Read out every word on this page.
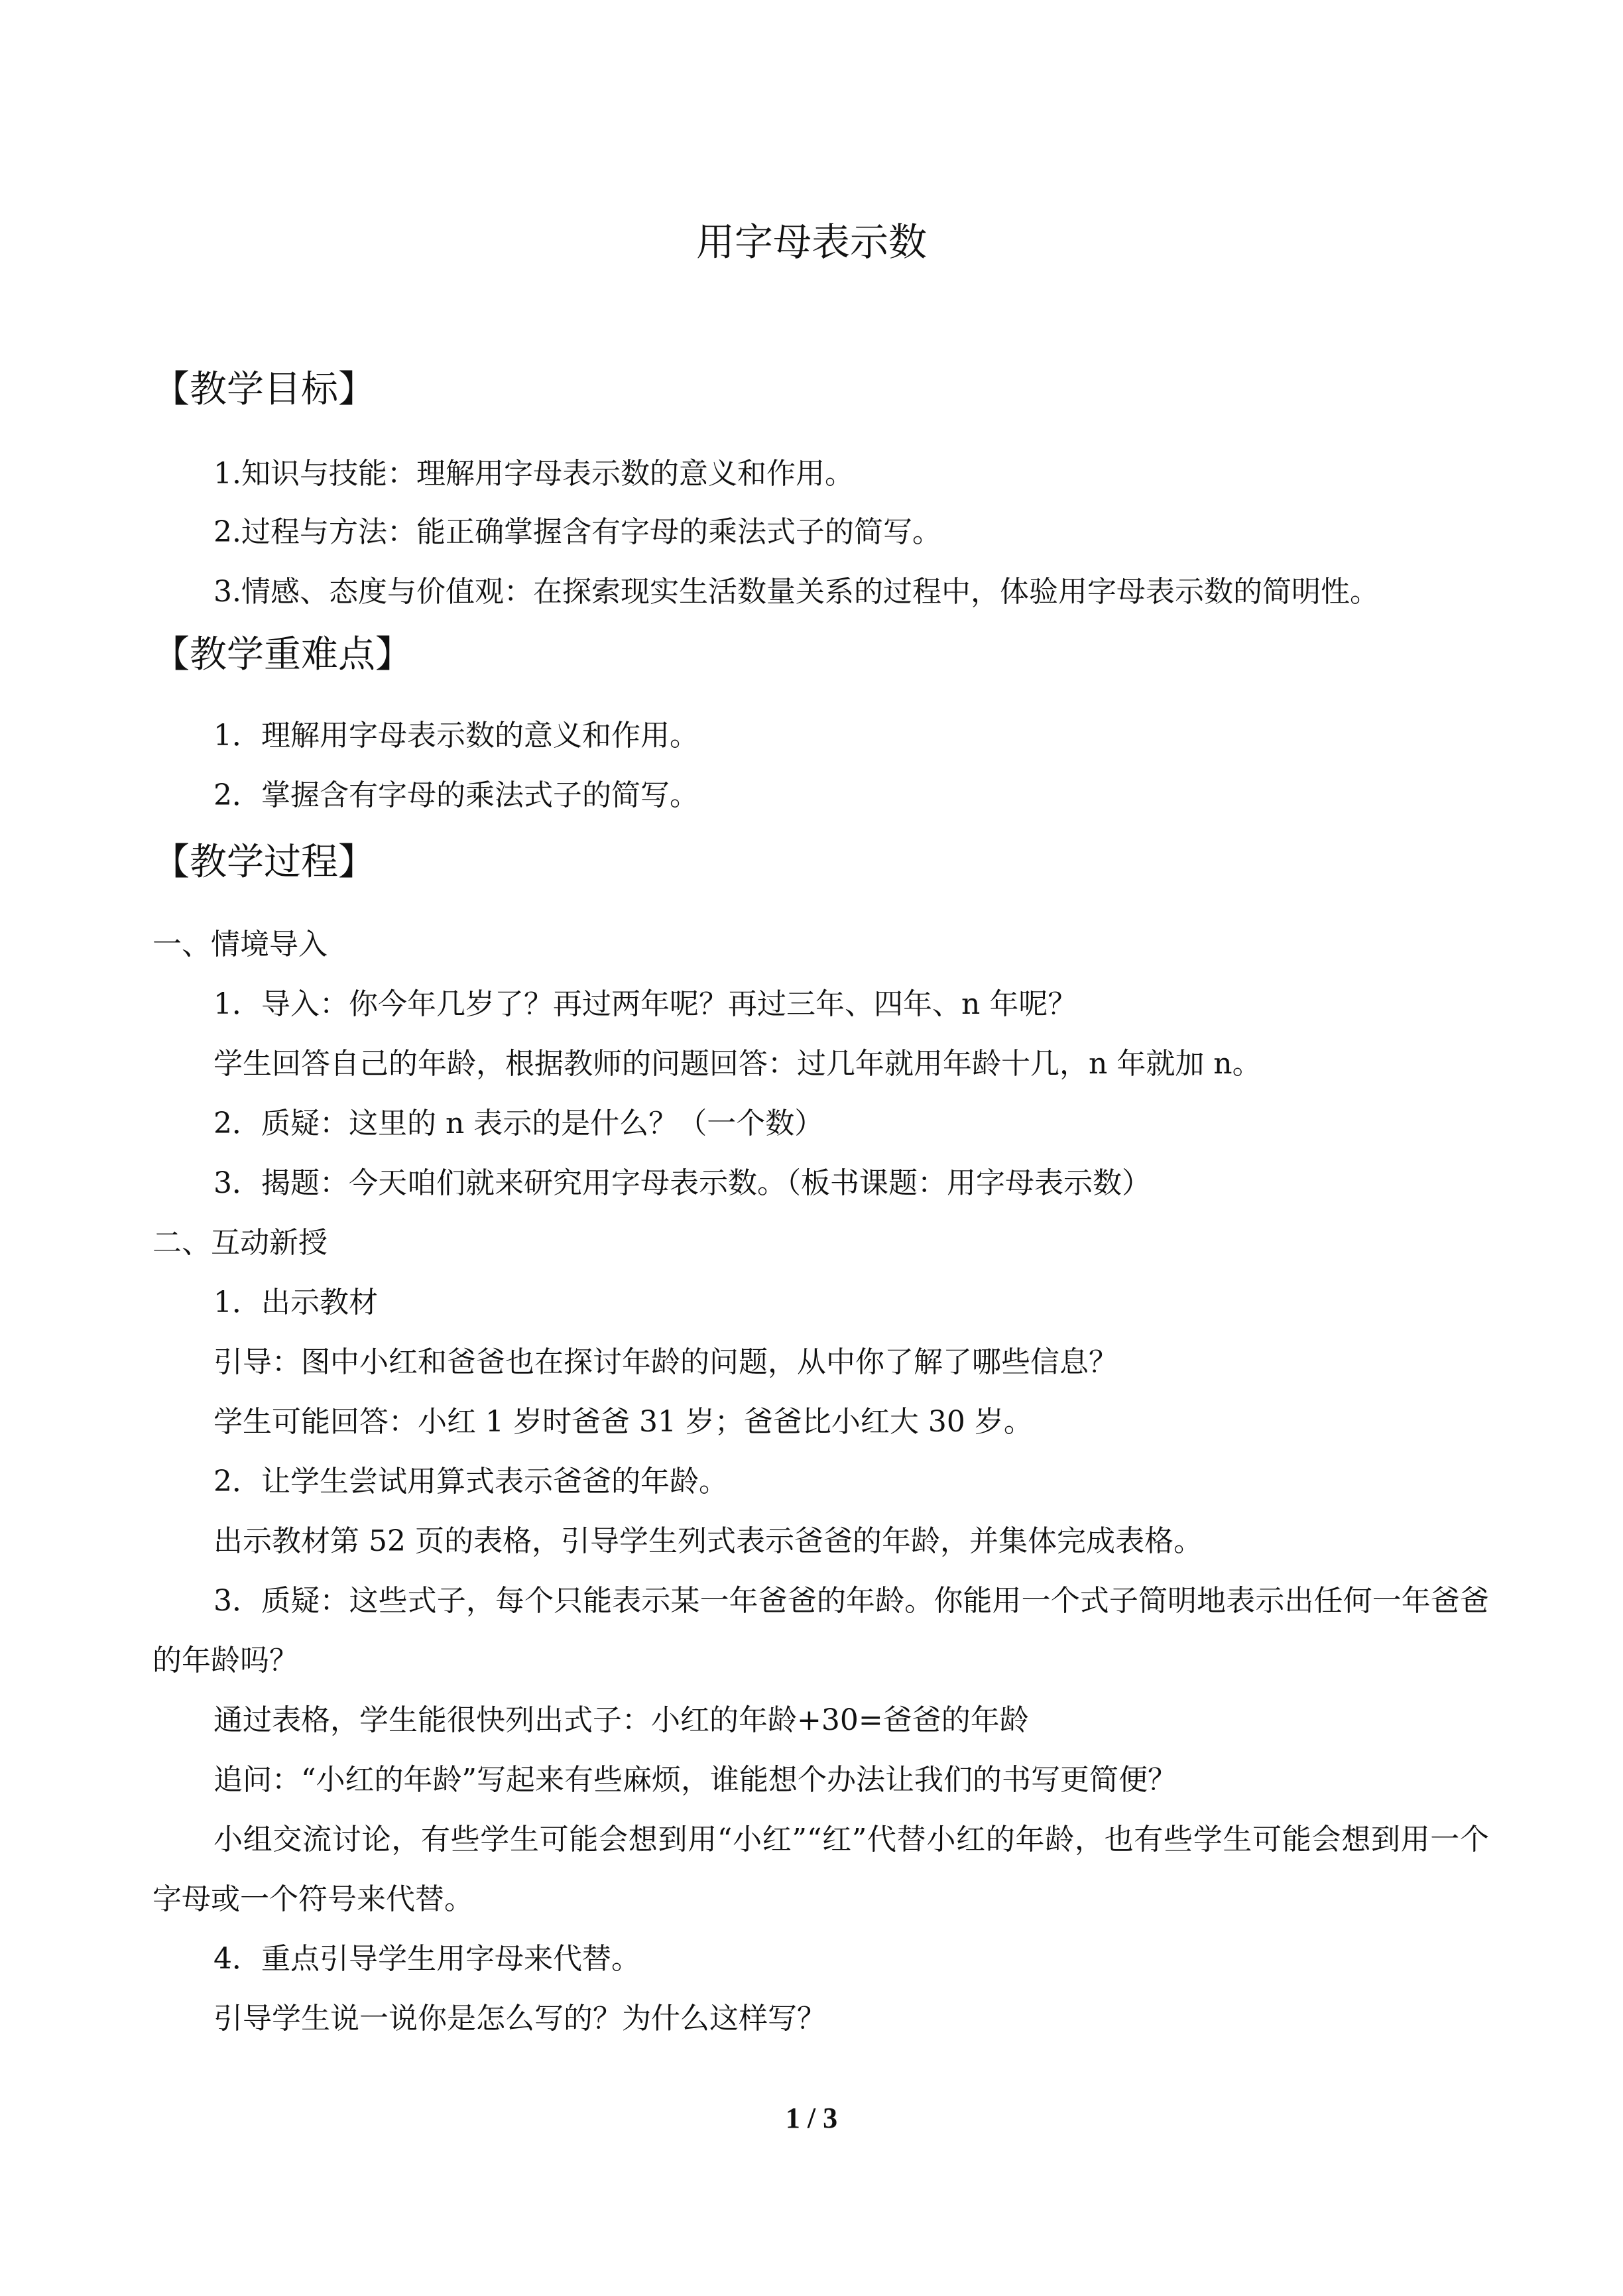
用字母表示数
【教学目标】
1.知识与技能：理解用字母表示数的意义和作用。
2.过程与方法：能正确掌握含有字母的乘法式子的简写。
3.情感、态度与价值观：在探索现实生活数量关系的过程中，体验用字母表示数的简明性。
【教学重难点】
1．理解用字母表示数的意义和作用。
2．掌握含有字母的乘法式子的简写。
【教学过程】
一、情境导入
1．导入：你今年几岁了？再过两年呢？再过三年、四年、n 年呢？
学生回答自己的年龄，根据教师的问题回答：过几年就用年龄十几，n 年就加 n。
2．质疑：这里的 n 表示的是什么？（一个数）
3．揭题：今天咱们就来研究用字母表示数。（板书课题：用字母表示数）
二、互动新授
1．出示教材
引导：图中小红和爸爸也在探讨年龄的问题，从中你了解了哪些信息？
学生可能回答：小红 1 岁时爸爸 31 岁；爸爸比小红大 30 岁。
2．让学生尝试用算式表示爸爸的年龄。
出示教材第 52 页的表格，引导学生列式表示爸爸的年龄，并集体完成表格。
3．质疑：这些式子，每个只能表示某一年爸爸的年龄。你能用一个式子简明地表示出任何一年爸爸的年龄吗？
通过表格，学生能很快列出式子：小红的年龄+30=爸爸的年龄
追问：“小红的年龄”写起来有些麻烦，谁能想个办法让我们的书写更简便？
小组交流讨论，有些学生可能会想到用“小红”“红”代替小红的年龄，也有些学生可能会想到用一个字母或一个符号来代替。
4．重点引导学生用字母来代替。
引导学生说一说你是怎么写的？为什么这样写？
1 / 3
